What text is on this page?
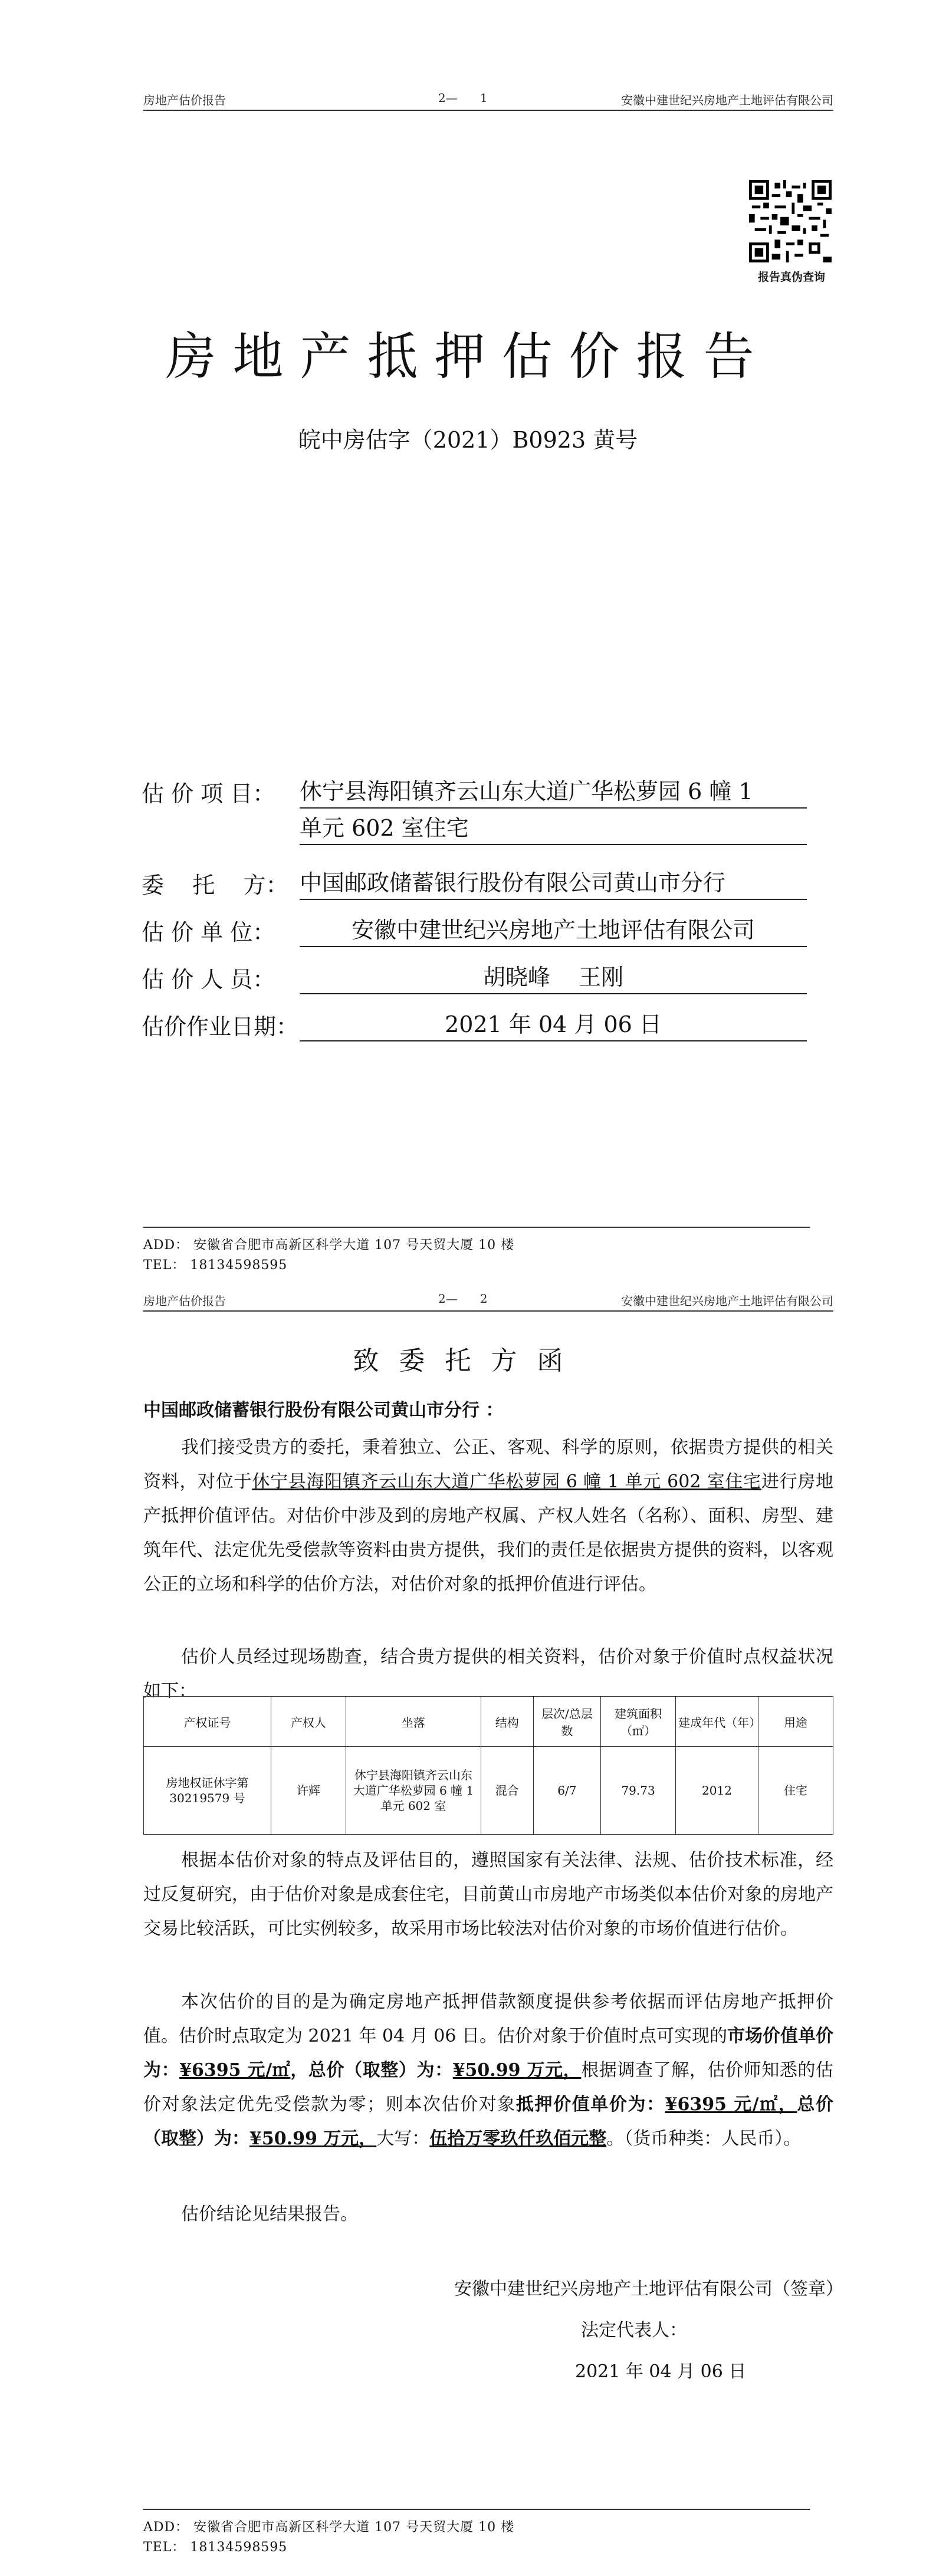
房地产估价报告	2—      1	安徽中建世纪兴房地产土地评估有限公司
报告真伪查询
房地产抵押估价报告
皖中房估字（2021）B0923 黄号
估 价 项 目： 休宁县海阳镇齐云山东大道广华松萝园 6 幢 1
单元 602 室住宅
委    托    方： 中国邮政储蓄银行股份有限公司黄山市分行
估 价 单 位：	安徽中建世纪兴房地产土地评估有限公司
估 价 人 员：	胡晓峰    王刚
估价作业日期：	2021 年 04 月 06 日
ADD： 安徽省合肥市高新区科学大道 107 号天贸大厦 10 楼
TEL： 18134598595
房地产估价报告	2—      2	安徽中建世纪兴房地产土地评估有限公司
致委托方函
中国邮政储蓄银行股份有限公司黄山市分行 ：
我们接受贵方的委托，秉着独立、公正、客观、科学的原则，依据贵方提供的相关资料，对位于休宁县海阳镇齐云山东大道广华松萝园 6 幢 1 单元 602 室住宅进行房地产抵押价值评估。对估价中涉及到的房地产权属、产权人姓名（名称）、面积、房型、建筑年代、法定优先受偿款等资料由贵方提供，我们的责任是依据贵方提供的资料，以客观公正的立场和科学的估价方法，对估价对象的抵押价值进行评估。
估价人员经过现场勘查，结合贵方提供的相关资料，估价对象于价值时点权益状况如下：
产权证号	产权人	坐落	结构	层次/总层数	建筑面积（㎡）	建成年代（年）	用途
房地权证休字第 30219579 号	许辉	休宁县海阳镇齐云山东大道广华松萝园 6 幢 1 单元 602 室	混合	6/7	79.73	2012	住宅
根据本估价对象的特点及评估目的，遵照国家有关法律、法规、估价技术标准，经过反复研究，由于估价对象是成套住宅，目前黄山市房地产市场类似本估价对象的房地产交易比较活跃，可比实例较多，故采用市场比较法对估价对象的市场价值进行估价。
本次估价的目的是为确定房地产抵押借款额度提供参考依据而评估房地产抵押价值。估价时点取定为 2021 年 04 月 06 日。估价对象于价值时点可实现的市场价值单价为：¥6395 元/㎡，总价（取整）为：¥50.99 万元，根据调查了解，估价师知悉的估价对象法定优先受偿款为零；则本次估价对象抵押价值单价为：¥6395 元/㎡，总价（取整）为：¥50.99 万元，大写：伍拾万零玖仟玖佰元整。（货币种类：人民币）。
估价结论见结果报告。
安徽中建世纪兴房地产土地评估有限公司（签章）
法定代表人：
2021 年 04 月 06 日
ADD： 安徽省合肥市高新区科学大道 107 号天贸大厦 10 楼
TEL： 18134598595
